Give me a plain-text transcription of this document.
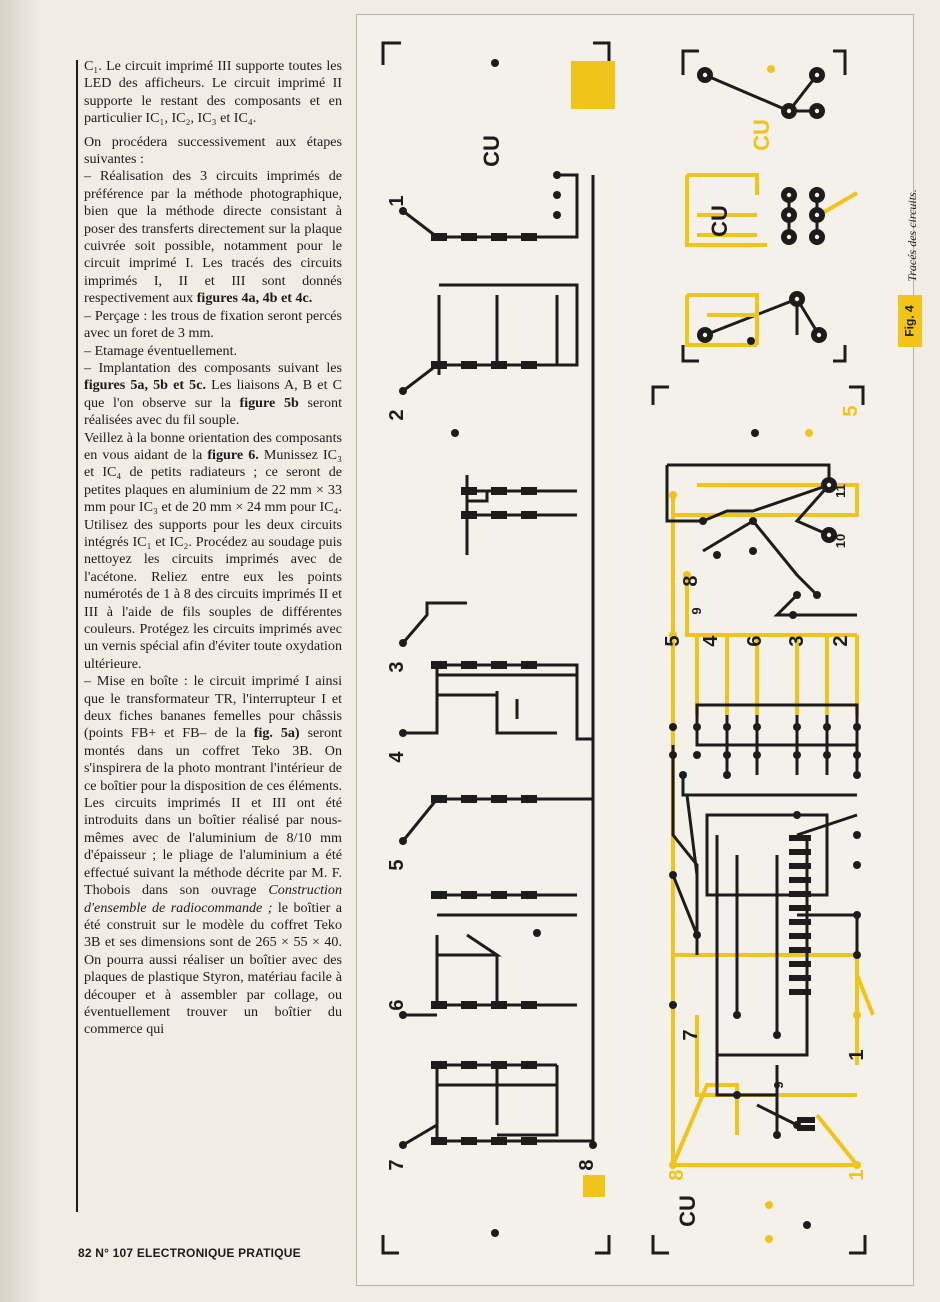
C₁. Le circuit imprimé III supporte toutes les LED des afficheurs. Le circuit imprimé II supporte le restant des composants et en particulier IC₁, IC₂, IC₃ et IC₄.

On procédera successivement aux étapes suivantes :

– Réalisation des 3 circuits imprimés de préférence par la méthode photographique, bien que la méthode directe consistant à poser des transferts directement sur la plaque cuivrée soit possible, notamment pour le circuit imprimé I. Les tracés des circuits imprimés I, II et III sont donnés respectivement aux figures 4a, 4b et 4c.

– Perçage : les trous de fixation seront percés avec un foret de 3 mm.

– Etamage éventuellement.

– Implantation des composants suivant les figures 5a, 5b et 5c. Les liaisons A, B et C que l'on observe sur la figure 5b seront réalisées avec du fil souple.

Veillez à la bonne orientation des composants en vous aidant de la figure 6. Munissez IC₃ et IC₄ de petits radiateurs ; ce seront de petites plaques en aluminium de 22 mm × 33 mm pour IC₃ et de 20 mm × 24 mm pour IC₄. Utilisez des supports pour les deux circuits intégrés IC₁ et IC₂. Procédez au soudage puis nettoyez les circuits imprimés avec de l'acétone. Reliez entre eux les points numérotés de 1 à 8 des circuits imprimés II et III à l'aide de fils souples de différentes couleurs. Protégez les circuits imprimés avec un vernis spécial afin d'éviter toute oxydation ultérieure.

– Mise en boîte : le circuit imprimé I ainsi que le transformateur TR, l'interrupteur I et deux fiches bananes femelles pour châssis (points FB+ et FB– de la fig. 5a) seront montés dans un coffret Teko 3B. On s'inspirera de la photo montrant l'intérieur de ce boîtier pour la disposition de ces éléments. Les circuits imprimés II et III ont été introduits dans un boîtier réalisé par nous-mêmes avec de l'aluminium de 8/10 mm d'épaisseur ; le pliage de l'aluminium a été effectué suivant la méthode décrite par M. F. Thobois dans son ouvrage Construction d'ensemble de radiocommande ; le boîtier a été construit sur le modèle du coffret Teko 3B et ses dimensions sont de 265 × 55 × 40. On pourra aussi réaliser un boîtier avec des plaques de plastique Styron, matériau facile à découper et à assembler par collage, ou éventuellement trouver un boîtier du commerce qui

82 N° 107 ELECTRONIQUE PRATIQUE
CU
1
2
3
4
5
6
7	8
CU
CU
5
CU
8
9
5 4 6 3 2
10
11
7
1
9
8	1
Tracés des circuits.
Fig. 4
